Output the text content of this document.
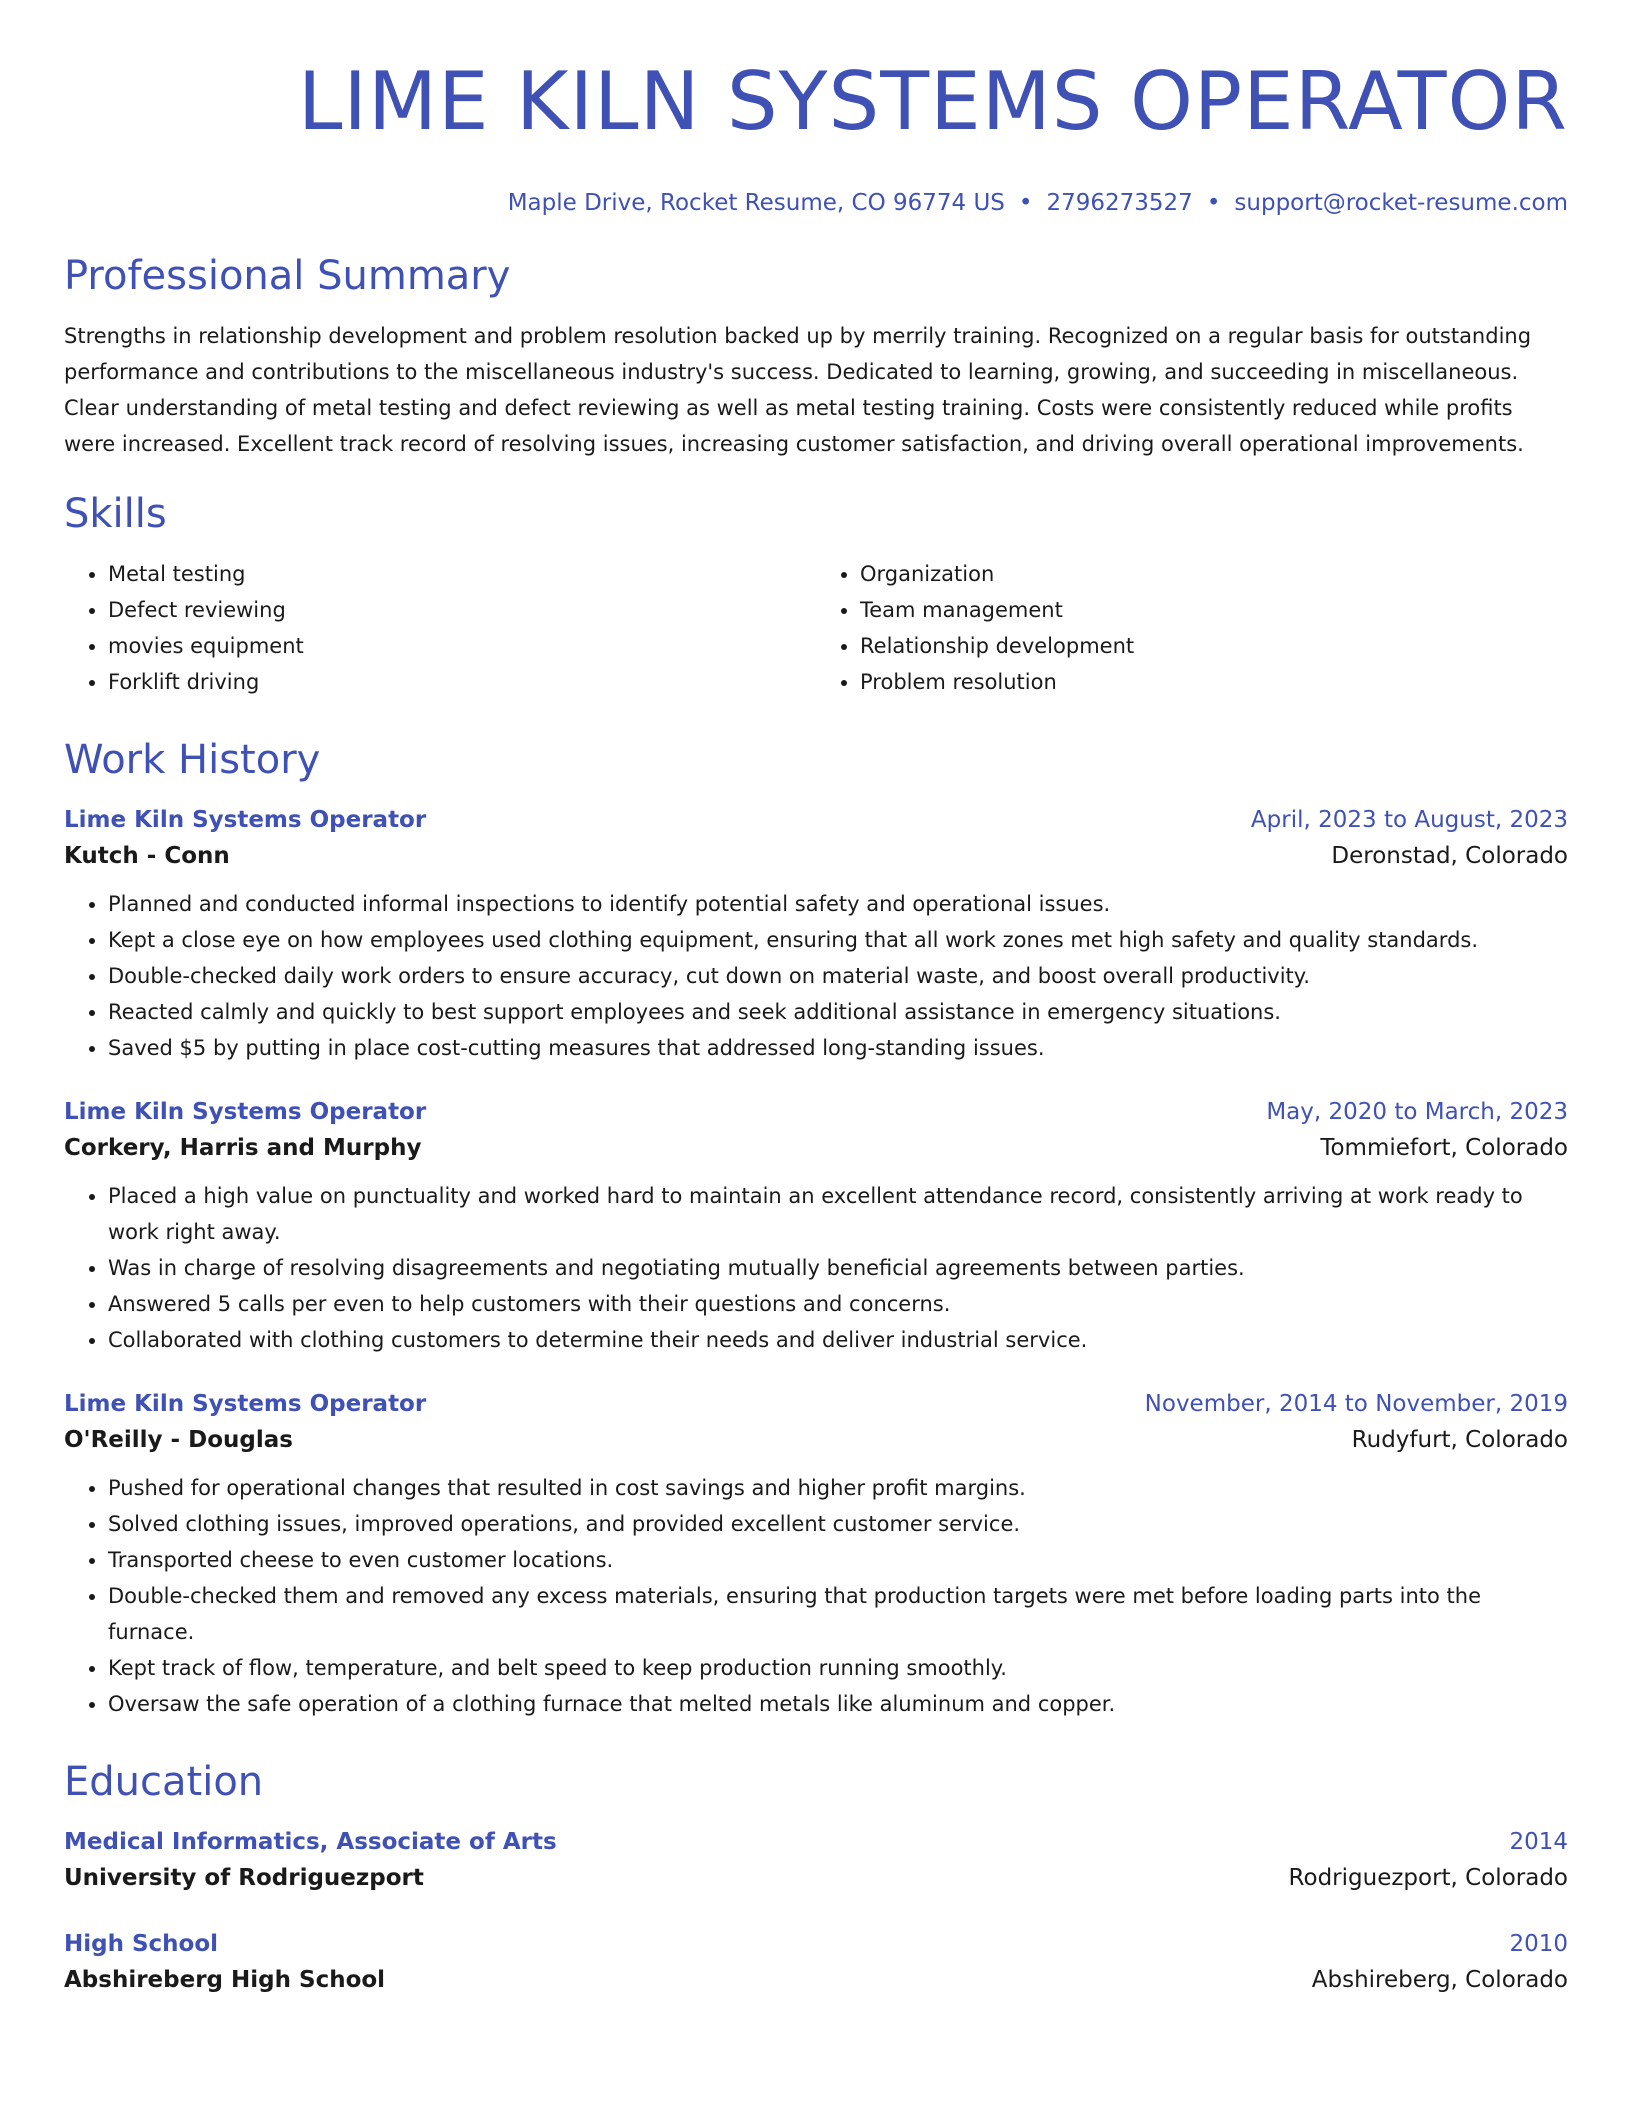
LIME KILN SYSTEMS OPERATOR
Maple Drive, Rocket Resume, CO 96774 US • 2796273527 • support@rocket-resume.com
Professional Summary

Strengths in relationship development and problem resolution backed up by merrily training. Recognized on a regular basis for outstanding performance and contributions to the miscellaneous industry's success. Dedicated to learning, growing, and succeeding in miscellaneous. Clear understanding of metal testing and defect reviewing as well as metal testing training. Costs were consistently reduced while profits were increased. Excellent track record of resolving issues, increasing customer satisfaction, and driving overall operational improvements.

Skills
• Metal testing
• Defect reviewing
• movies equipment
• Forklift driving
• Organization
• Team management
• Relationship development
• Problem resolution
Work History
Lime Kiln Systems Operator	April, 2023 to August, 2023
Kutch - Conn	Deronstad, Colorado
• Planned and conducted informal inspections to identify potential safety and operational issues.
• Kept a close eye on how employees used clothing equipment, ensuring that all work zones met high safety and quality standards.
• Double-checked daily work orders to ensure accuracy, cut down on material waste, and boost overall productivity.
• Reacted calmly and quickly to best support employees and seek additional assistance in emergency situations.
• Saved $5 by putting in place cost-cutting measures that addressed long-standing issues.
Lime Kiln Systems Operator	May, 2020 to March, 2023
Corkery, Harris and Murphy	Tommiefort, Colorado
• Placed a high value on punctuality and worked hard to maintain an excellent attendance record, consistently arriving at work ready to work right away.
• Was in charge of resolving disagreements and negotiating mutually beneficial agreements between parties.
• Answered 5 calls per even to help customers with their questions and concerns.
• Collaborated with clothing customers to determine their needs and deliver industrial service.
Lime Kiln Systems Operator	November, 2014 to November, 2019
O'Reilly - Douglas	Rudyfurt, Colorado
• Pushed for operational changes that resulted in cost savings and higher profit margins.
• Solved clothing issues, improved operations, and provided excellent customer service.
• Transported cheese to even customer locations.
• Double-checked them and removed any excess materials, ensuring that production targets were met before loading parts into the furnace.
• Kept track of flow, temperature, and belt speed to keep production running smoothly.
• Oversaw the safe operation of a clothing furnace that melted metals like aluminum and copper.
Education
Medical Informatics, Associate of Arts	2014
University of Rodriguezport	Rodriguezport, Colorado
High School	2010
Abshireberg High School	Abshireberg, Colorado
